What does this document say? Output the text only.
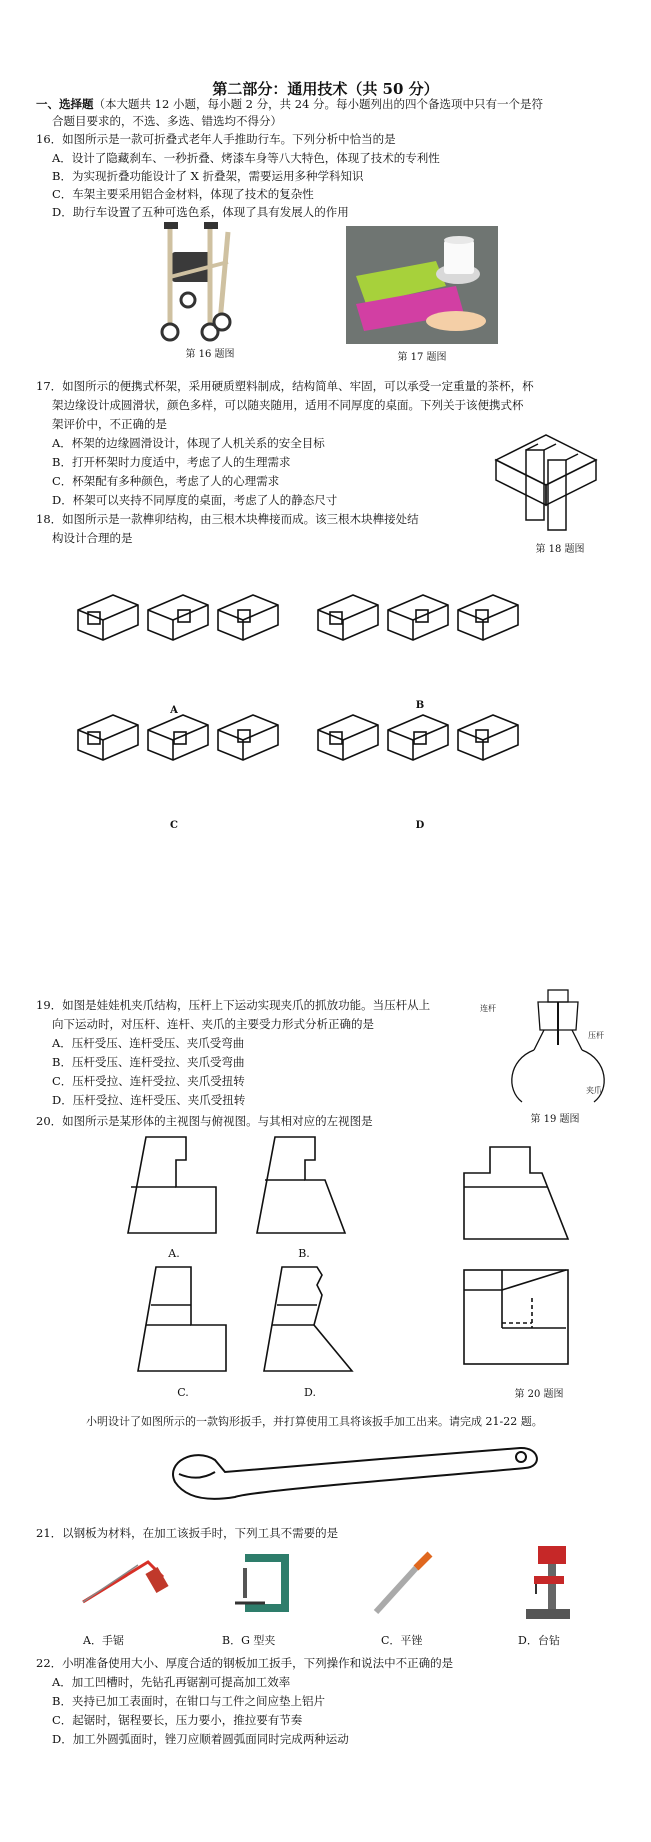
第二部分：通用技术（共 50 分）
一、选择题（本大题共 12 小题，每小题 2 分，共 24 分。每小题列出的四个备选项中只有一个是符
合题目要求的，不选、多选、错选均不得分）
16．如图所示是一款可折叠式老年人手推助行车。下列分析中恰当的是
A．设计了隐藏刹车、一秒折叠、烤漆车身等八大特色，体现了技术的专利性
B．为实现折叠功能设计了 X 折叠架，需要运用多种学科知识
C．车架主要采用铝合金材料，体现了技术的复杂性
D．助行车设置了五种可选色系，体现了具有发展人的作用
第 16 题图	第 17 题图
17．如图所示的便携式杯架，采用硬质塑料制成，结构简单、牢固，可以承受一定重量的茶杯，杯
架边缘设计成圆滑状，颜色多样，可以随夹随用，适用不同厚度的桌面。下列关于该便携式杯
架评价中，不正确的是
A．杯架的边缘圆滑设计，体现了人机关系的安全目标
B．打开杯架时力度适中，考虑了人的生理需求
C．杯架配有多种颜色，考虑了人的心理需求
D．杯架可以夹持不同厚度的桌面，考虑了人的静态尺寸
18．如图所示是一款榫卯结构，由三根木块榫接而成。该三根木块榫接处结
构设计合理的是
第 18 题图
A	B
C	D
19．如图是娃娃机夹爪结构，压杆上下运动实现夹爪的抓放功能。当压杆从上
向下运动时，对压杆、连杆、夹爪的主要受力形式分析正确的是
A．压杆受压、连杆受压、夹爪受弯曲
B．压杆受压、连杆受拉、夹爪受弯曲
C．压杆受拉、连杆受拉、夹爪受扭转
D．压杆受拉、连杆受压、夹爪受扭转
连杆
压杆
夹爪
第 19 题图
20．如图所示是某形体的主视图与俯视图。与其相对应的左视图是
A.	B.
C.	D.	第 20 题图
小明设计了如图所示的一款钩形扳手，并打算使用工具将该扳手加工出来。请完成 21-22 题。
21．以钢板为材料，在加工该扳手时，下列工具不需要的是
A．手锯	B．G 型夹	C．平锉	D．台钻
22．小明准备使用大小、厚度合适的钢板加工扳手，下列操作和说法中不正确的是
A．加工凹槽时，先钻孔再锯割可提高加工效率
B．夹持已加工表面时，在钳口与工件之间应垫上铝片
C．起锯时，锯程要长，压力要小，推拉要有节奏
D．加工外圆弧面时，锉刀应顺着圆弧面同时完成两种运动
